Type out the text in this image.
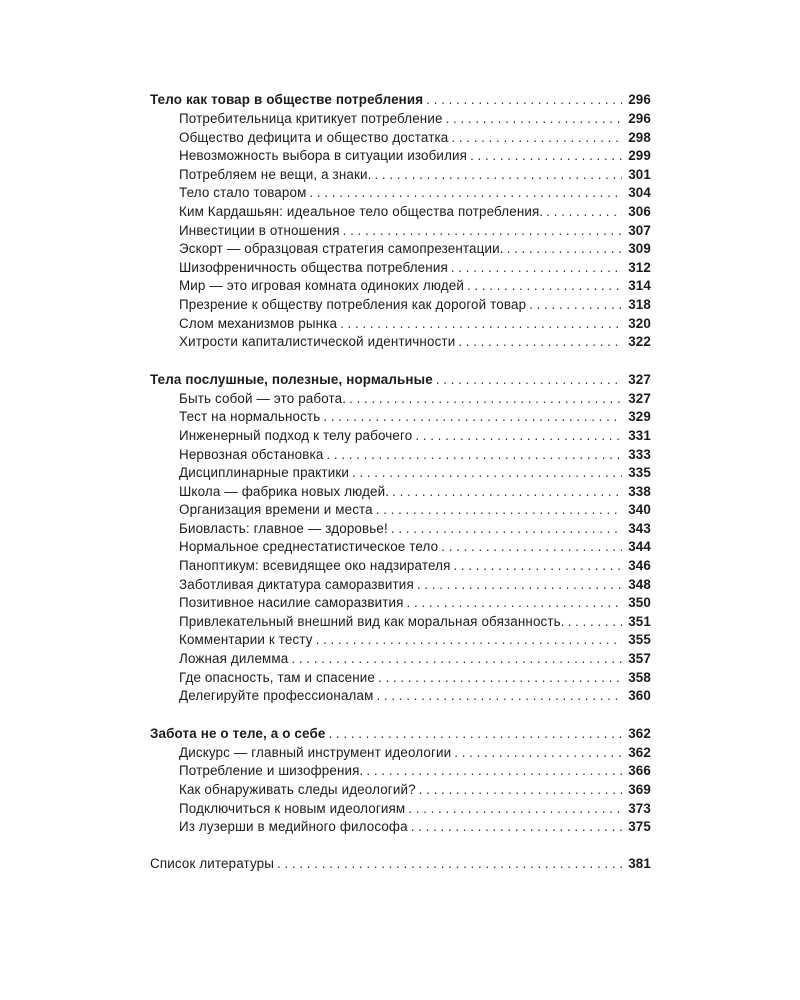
Тело как товар в обществе потребления . . .	296
Потребительница критикует потребление . . .	296
Общество дефицита и общество достатка . . .	298
Невозможность выбора в ситуации изобилия . . .	299
Потребляем не вещи, а знаки. . . .	301
Тело стало товаром . . .	304
Ким Кардашьян: идеальное тело общества потребления. . . .	306
Инвестиции в отношения . . .	307
Эскорт — образцовая стратегия самопрезентации. . . .	309
Шизофреничность общества потребления . . .	312
Мир — это игровая комната одиноких людей . . .	314
Презрение к обществу потребления как дорогой товар . . .	318
Слом механизмов рынка . . .	320
Хитрости капиталистической идентичности . . .	322
Тела послушные, полезные, нормальные . . .	327
Быть собой — это работа. . . .	327
Тест на нормальность . . .	329
Инженерный подход к телу рабочего . . .	331
Нервозная обстановка . . .	333
Дисциплинарные практики . . .	335
Школа — фабрика новых людей. . . .	338
Организация времени и места . . .	340
Биовласть: главное — здоровье! . . .	343
Нормальное среднестатистическое тело . . .	344
Паноптикум: всевидящее око надзирателя . . .	346
Заботливая диктатура саморазвития . . .	348
Позитивное насилие саморазвития . . .	350
Привлекательный внешний вид как моральная обязанность. . . .	351
Комментарии к тесту . . .	355
Ложная дилемма . . .	357
Где опасность, там и спасение . . .	358
Делегируйте профессионалам . . .	360
Забота не о теле, а о себе . . .	362
Дискурс — главный инструмент идеологии . . .	362
Потребление и шизофрения. . . .	366
Как обнаруживать следы идеологий? . . .	369
Подключиться к новым идеологиям . . .	373
Из лузерши в медийного философа . . .	375
Список литературы . . .	381
